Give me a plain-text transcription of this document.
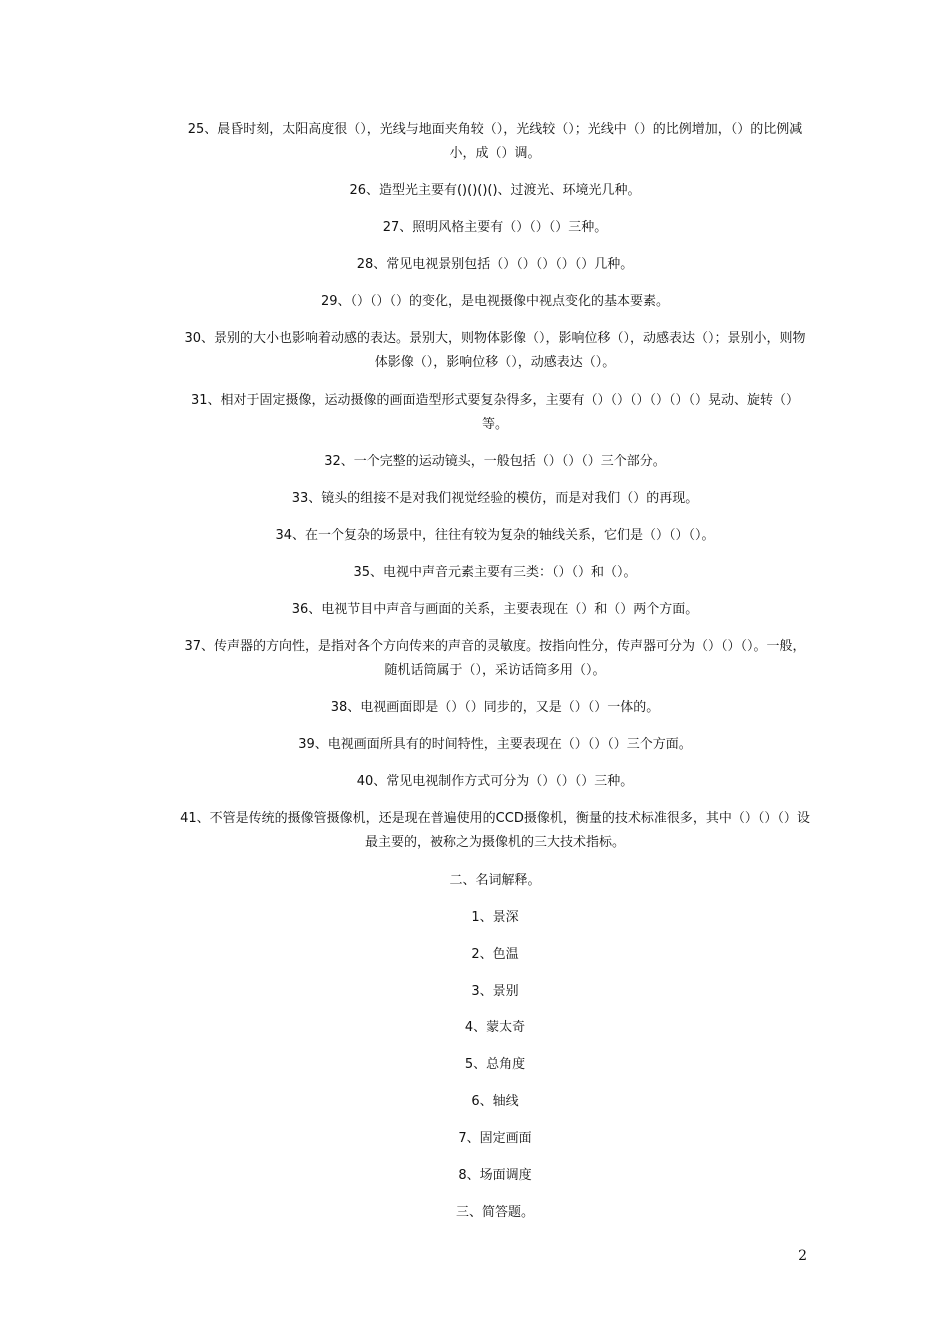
25、晨昏时刻，太阳高度很（），光线与地面夹角较（），光线较（）；光线中（）的比例增加，（）的比例减小，成（）调。

26、造型光主要有()()()()、过渡光、环境光几种。

27、照明风格主要有（）（）（）三种。

28、常见电视景别包括（）（）（）（）（）几种。

29、（）（）（）的变化，是电视摄像中视点变化的基本要素。

30、景别的大小也影响着动感的表达。景别大，则物体影像（），影响位移（），动感表达（）；景别小，则物体影像（），影响位移（），动感表达（）。

31、相对于固定摄像，运动摄像的画面造型形式要复杂得多，主要有（）（）（）（）（）（）晃动、旋转（）等。

32、一个完整的运动镜头，一般包括（）（）（）三个部分。

33、镜头的组接不是对我们视觉经验的模仿，而是对我们（）的再现。

34、在一个复杂的场景中，往往有较为复杂的轴线关系，它们是（）（）（）。

35、电视中声音元素主要有三类：（）（）和（）。

36、电视节目中声音与画面的关系，主要表现在（）和（）两个方面。

37、传声器的方向性，是指对各个方向传来的声音的灵敏度。按指向性分，传声器可分为（）（）（）。一般，随机话筒属于（），采访话筒多用（）。

38、电视画面即是（）（）同步的，又是（）（）一体的。

39、电视画面所具有的时间特性，主要表现在（）（）（）三个方面。

40、常见电视制作方式可分为（）（）（）三种。

41、不管是传统的摄像管摄像机，还是现在普遍使用的CCD摄像机，衡量的技术标准很多，其中（）（）（）设最主要的，被称之为摄像机的三大技术指标。

二、名词解释。

1、景深

2、色温

3、景别

4、蒙太奇

5、总角度

6、轴线

7、固定画面

8、场面调度

三、简答题。

2
